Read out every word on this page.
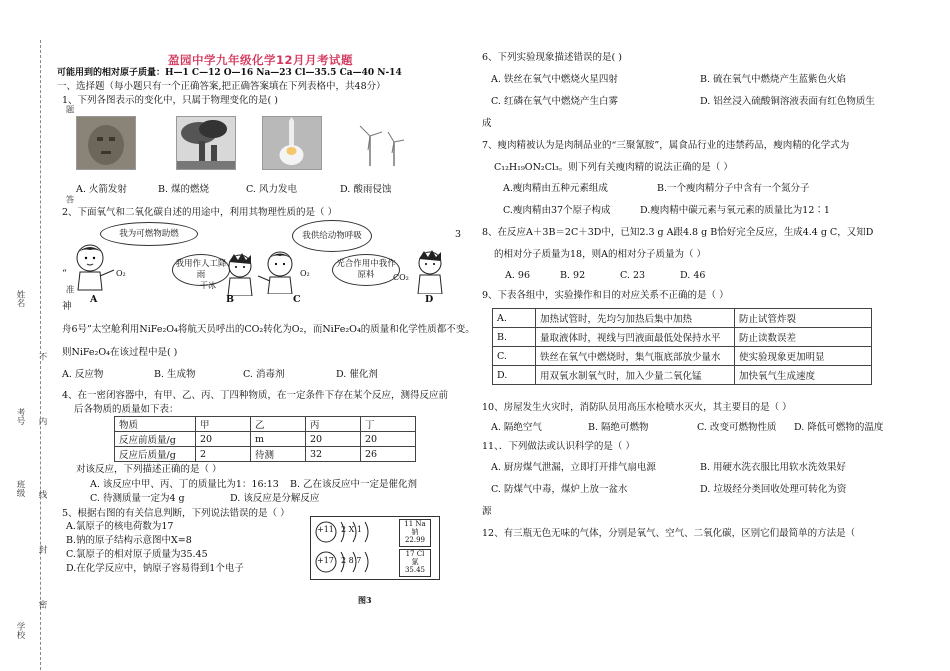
题
答
准
不
内
线
封
密
姓名
考号
班级
学校
盈园中学九年级化学12月月考试题
可能用到的相对原子质量：H—1 C—12 O—16 Na—23 Cl—35.5 Ca—40 N-14
一、选择题（每小题只有一个正确答案,把正确答案填在下列表格中，共48分）
1、下列各图表示的变化中，只属于物理变化的是( )
A. 火箭发射	B. 煤的燃烧	C. 风力发电	D. 酸雨侵蚀
2、下面氧气和二氧化碳自述的用途中，利用其物理性质的是（ ）
3
我为可燃物助燃	我供给动物呼吸
我用作人工降雨
光合作用中我作原料
O₂
“
干冰
O₂	CO₂
A	B	C	D
神
舟6号”太空舱利用NiFe₂O₄将航天员呼出的CO₂转化为O₂，而NiFe₂O₄的质量和化学性质都不变。
则NiFe₂O₄在该过程中是( )
A. 反应物	B. 生成物	C. 消毒剂	D. 催化剂
4、在一密闭容器中，有甲、乙、丙、丁四种物质，在一定条件下存在某个反应，测得反应前
后各物质的质量如下表：
物质	甲	乙	丙	丁
反应前质量/g	20	m	20	20
反应后质量/g	2	待测	32	26
对该反应，下列描述正确的是（ ）
A. 该反应中甲、丙、丁的质量比为1：16:13 B. 乙在该反应中一定是催化剂
C. 待测质量一定为4 g	D. 该反应是分解反应
5、根据右图的有关信息判断，下列说法错误的是（ ）
A.氯原子的核电荷数为17
B.钠的原子结构示意图中X=8
C.氯原子的相对原子质量为35.45
D.在化学反应中，钠原子容易得到1个电子
+11 2 X 1
11 Na
钠
22.99
+17 2 8 7
17 Cl
氯
35.45
图3
6、下列实验现象描述错误的是( )
A. 铁丝在氧气中燃烧火星四射	B. 硫在氧气中燃烧产生蓝紫色火焰
C. 红磷在氧气中燃烧产生白雾	D. 铝丝浸入硫酸铜溶液表面有红色物质生
成
7、瘦肉精被认为是肉制品业的“三聚氰胺”，属食品行业的违禁药品，瘦肉精的化学式为
C₁₂H₁₉ON₂Cl₃。则下列有关瘦肉精的说法正确的是（ ）
A.瘦肉精由五种元素组成	B.一个瘦肉精分子中含有一个氮分子
C.瘦肉精由37个原子构成	D.瘦肉精中碳元素与氧元素的质量比为12∶1
8、在反应A＋3B＝2C＋3D中，已知2.3 g A跟4.8 g B恰好完全反应，生成4.4 g C，又知D
的相对分子质量为18，则A的相对分子质量为（ ）
A. 96	B. 92	C. 23	D. 46
9、下表各组中，实验操作和目的对应关系不正确的是（ ）
A.	加热试管时，先均匀加热后集中加热	防止试管炸裂
B.	量取液体时，视线与凹液面最低处保持水平	防止读数误差
C.	铁丝在氧气中燃烧时，集气瓶底部放少量水	使实验现象更加明显
D.	用双氧水制氧气时，加入少量二氧化锰	加快氧气生成速度
10、房屋发生火灾时，消防队员用高压水枪喷水灭火，其主要目的是（ ）
A. 隔绝空气	B. 隔绝可燃物	C. 改变可燃物性质 D. 降低可燃物的温度
11、．下列做法或认识科学的是（ ）
A. 厨房煤气泄漏，立即打开排气扇电源	B. 用硬水洗衣服比用软水洗效果好
C. 防煤气中毒，煤炉上放一盆水	D. 垃圾经分类回收处理可转化为资
源
12、有三瓶无色无味的气体，分别是氧气、空气、二氧化碳，区别它们最简单的方法是（
